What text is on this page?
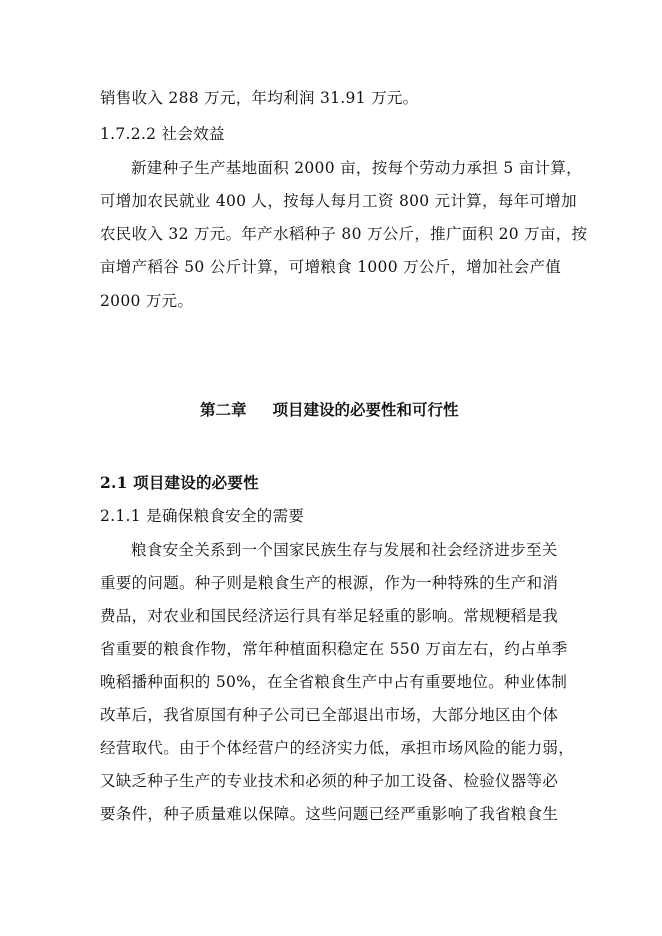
销售收入 288 万元，年均利润 31.91 万元。
1.7.2.2 社会效益
新建种子生产基地面积 2000 亩，按每个劳动力承担 5 亩计算，
可增加农民就业 400 人，按每人每月工资 800 元计算，每年可增加
农民收入 32 万元。年产水稻种子 80 万公斤，推广面积 20 万亩，按
亩增产稻谷 50 公斤计算，可增粮食 1000 万公斤，增加社会产值
2000 万元。
第二章 项目建设的必要性和可行性
2.1 项目建设的必要性
2.1.1 是确保粮食安全的需要
粮食安全关系到一个国家民族生存与发展和社会经济进步至关
重要的问题。种子则是粮食生产的根源，作为一种特殊的生产和消
费品，对农业和国民经济运行具有举足轻重的影响。常规粳稻是我
省重要的粮食作物，常年种植面积稳定在 550 万亩左右，约占单季
晚稻播种面积的 50%，在全省粮食生产中占有重要地位。种业体制
改革后，我省原国有种子公司已全部退出市场，大部分地区由个体
经营取代。由于个体经营户的经济实力低，承担市场风险的能力弱，
又缺乏种子生产的专业技术和必须的种子加工设备、检验仪器等必
要条件，种子质量难以保障。这些问题已经严重影响了我省粮食生
